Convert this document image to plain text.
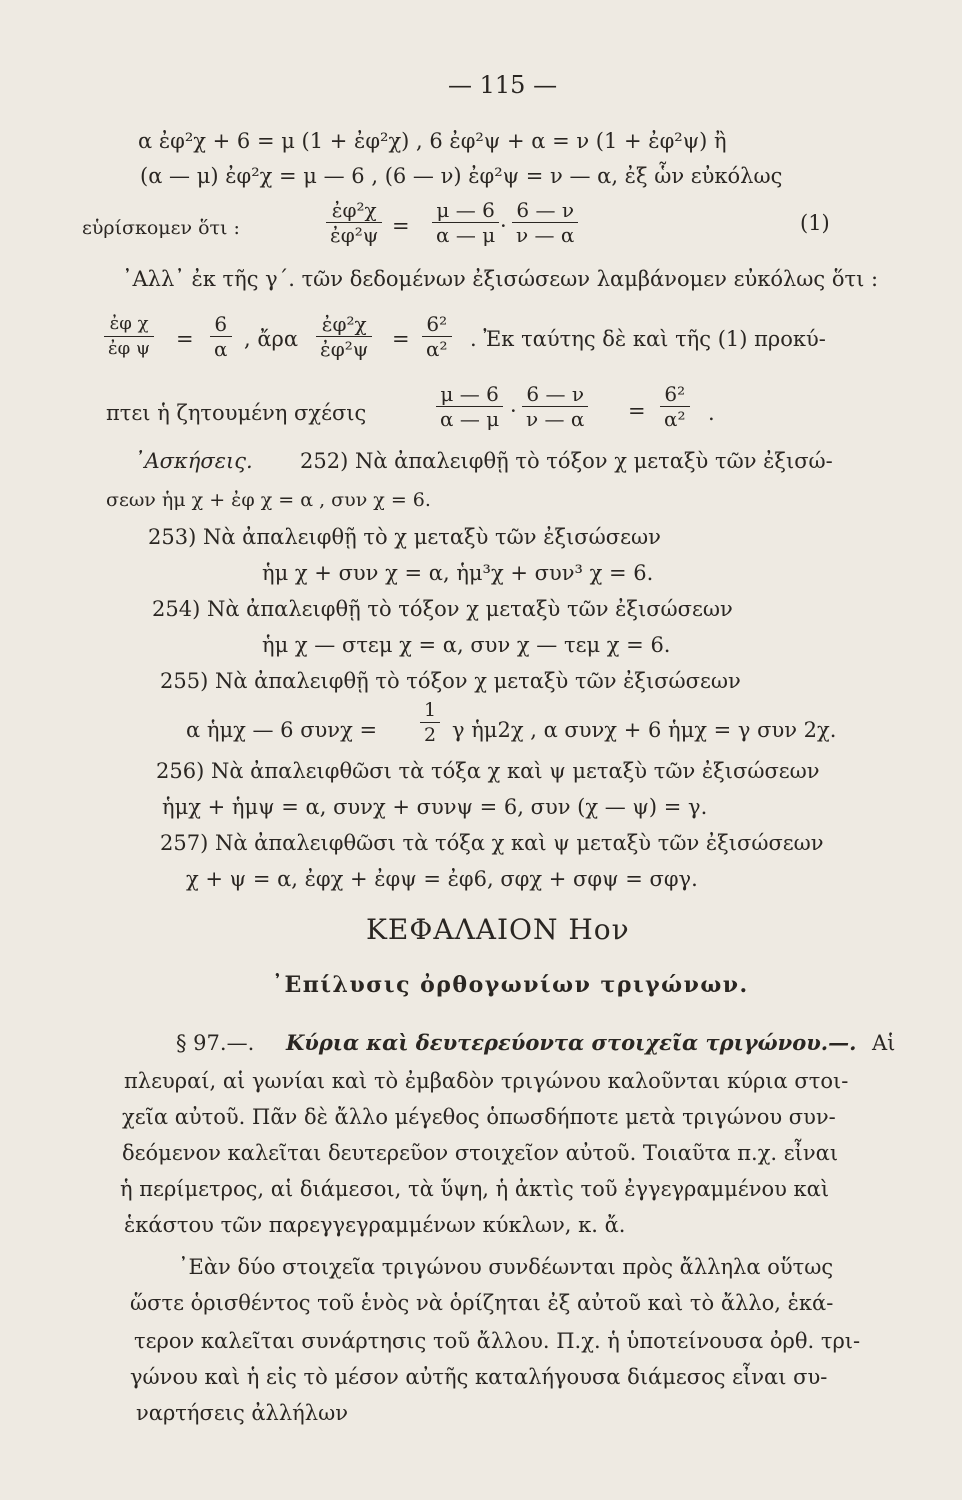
— 115 —
α ἐφ²χ + 6 = μ (1 + ἐφ²χ) , 6 ἐφ²ψ + α = ν (1 + ἐφ²ψ) ἢ
(α — μ) ἐφ²χ = μ — 6 , (6 — ν) ἐφ²ψ = ν — α, ἐξ ὧν εὐκόλως
εὑρίσκομεν ὅτι :	$\frac{\text{ἐφ²χ}}{\text{ἐφ²ψ}} = \frac{\mu — 6}{\alpha — \mu} \cdot \frac{6 — \nu}{\nu — \alpha}$	(1)
᾿Αλλ᾿ ἐκ τῆς γ΄. τῶν δεδομένων ἐξισώσεων λαμβάνομεν εὐκόλως ὅτι :
$\frac{\text{ἐφ χ}}{\text{ἐφ ψ}} = \frac{6}{\alpha}$ , ἄρα $\frac{\text{ἐφ²χ}}{\text{ἐφ²ψ}} = \frac{\text{6²}}{\text{α²}}$ . Ἐκ ταύτης δὲ καὶ τῆς (1) προκύ-
πτει ἡ ζητουμένη σχέσις	$\frac{\mu — 6}{\alpha — \mu} \cdot \frac{6 — \nu}{\nu — \alpha} = \frac{\text{6²}}{\text{α²}}$ .
᾿Ασκήσεις. 252) Νὰ ἀπαλειφθῇ τὸ τόξον χ μεταξὺ τῶν ἐξισώ-
σεων ἡμ χ + ἐφ χ = α , συν χ = 6.
253) Νὰ ἀπαλειφθῇ τὸ χ μεταξὺ τῶν ἐξισώσεων
ἡμ χ + συν χ = α, ἡμ³χ + συν³ χ = 6.
254) Νὰ ἀπαλειφθῇ τὸ τόξον χ μεταξὺ τῶν ἐξισώσεων
ἡμ χ — στεμ χ = α, συν χ — τεμ χ = 6.
255) Νὰ ἀπαλειφθῇ τὸ τόξον χ μεταξὺ τῶν ἐξισώσεων
α ἡμχ — 6 $\sigma\upsilon\nu\chi = \frac{1}{2}$ γ ἡμ2χ , α συνχ + 6 ἡμχ = γ συν 2χ.
256) Νὰ ἀπαλειφθῶσι τὰ τόξα χ καὶ ψ μεταξὺ τῶν ἐξισώσεων
ἡμχ + ἡμψ = α, συνχ + συνψ = 6, συν (χ — ψ) = γ.
257) Νὰ ἀπαλειφθῶσι τὰ τόξα χ καὶ ψ μεταξὺ τῶν ἐξισώσεων
χ + ψ = α, ἐφχ + ἐφψ = ἐφ6, σφχ + σφψ = σφγ.
ΚΕΦΑΛΑΙΟΝ Ηον
᾿Επίλυσις ὀρθογωνίων τριγώνων.
§ 97.—. Κύρια καὶ δευτερεύοντα στοιχεῖα τριγώνου.—. Αἱ
πλευραί, αἱ γωνίαι καὶ τὸ ἐμβαδὸν τριγώνου καλοῦνται κύρια στοι-
χεῖα αὐτοῦ. Πᾶν δὲ ἄλλο μέγεθος ὁπωσδήποτε μετὰ τριγώνου συν-
δεόμενον καλεῖται δευτερεῦον στοιχεῖον αὐτοῦ. Τοιαῦτα π.χ. εἶναι
ἡ περίμετρος, αἱ διάμεσοι, τὰ ὕψη, ἡ ἀκτὶς τοῦ ἐγγεγραμμένου καὶ
ἑκάστου τῶν παρεγγεγραμμένων κύκλων, κ. ἄ.
᾿Εὰν δύο στοιχεῖα τριγώνου συνδέωνται πρὸς ἄλληλα οὕτως
ὥστε ὁρισθέντος τοῦ ἑνὸς νὰ ὁρίζηται ἐξ αὐτοῦ καὶ τὸ ἄλλο, ἑκά-
τερον καλεῖται συνάρτησις τοῦ ἄλλου. Π.χ. ἡ ὑποτείνουσα ὀρθ. τρι-
γώνου καὶ ἡ εἰς τὸ μέσον αὐτῆς καταλήγουσα διάμεσος εἶναι συ-
ναρτήσεις ἀλλήλων
